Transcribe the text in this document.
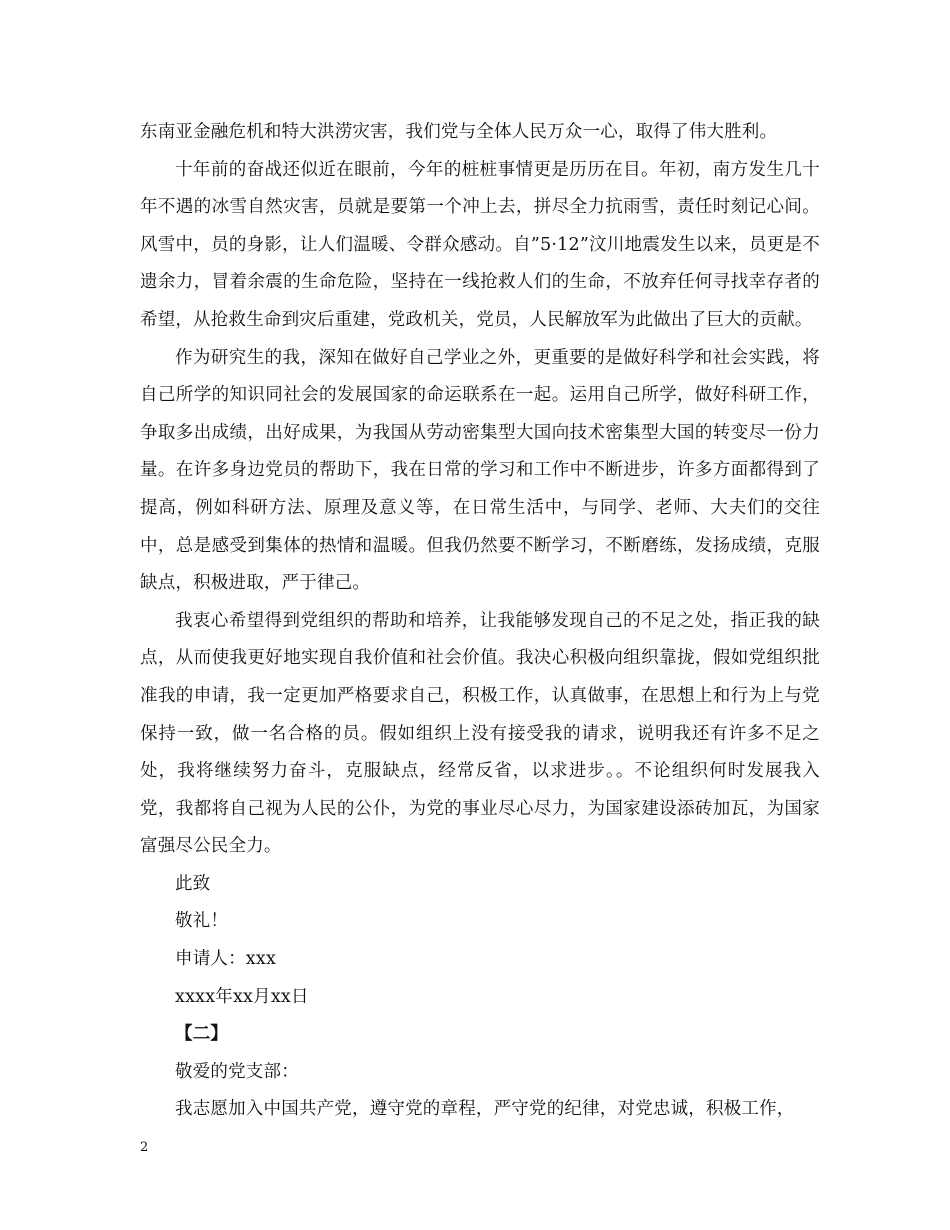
东南亚金融危机和特大洪涝灾害，我们党与全体人民万众一心，取得了伟大胜利。

十年前的奋战还似近在眼前，今年的桩桩事情更是历历在目。年初，南方发生几十年不遇的冰雪自然灾害，员就是要第一个冲上去，拼尽全力抗雨雪，责任时刻记心间。风雪中，员的身影，让人们温暖、令群众感动。自”5·12”汶川地震发生以来，员更是不遗余力，冒着余震的生命危险，坚持在一线抢救人们的生命，不放弃任何寻找幸存者的希望，从抢救生命到灾后重建，党政机关，党员，人民解放军为此做出了巨大的贡献。

作为研究生的我，深知在做好自己学业之外，更重要的是做好科学和社会实践，将自己所学的知识同社会的发展国家的命运联系在一起。运用自己所学，做好科研工作，争取多出成绩，出好成果，为我国从劳动密集型大国向技术密集型大国的转变尽一份力量。在许多身边党员的帮助下，我在日常的学习和工作中不断进步，许多方面都得到了提高，例如科研方法、原理及意义等，在日常生活中，与同学、老师、大夫们的交往中，总是感受到集体的热情和温暖。但我仍然要不断学习，不断磨练，发扬成绩，克服缺点，积极进取，严于律己。

我衷心希望得到党组织的帮助和培养，让我能够发现自己的不足之处，指正我的缺点，从而使我更好地实现自我价值和社会价值。我决心积极向组织靠拢，假如党组织批准我的申请，我一定更加严格要求自己，积极工作，认真做事，在思想上和行为上与党保持一致，做一名合格的员。假如组织上没有接受我的请求，说明我还有许多不足之处，我将继续努力奋斗，克服缺点，经常反省，以求进步。。不论组织何时发展我入党，我都将自己视为人民的公仆，为党的事业尽心尽力，为国家建设添砖加瓦，为国家富强尽公民全力。

此致

敬礼！

申请人：xxx

xxxx年xx月xx日

【二】

敬爱的党支部：

我志愿加入中国共产党，遵守党的章程，严守党的纪律，对党忠诚，积极工作，

2
